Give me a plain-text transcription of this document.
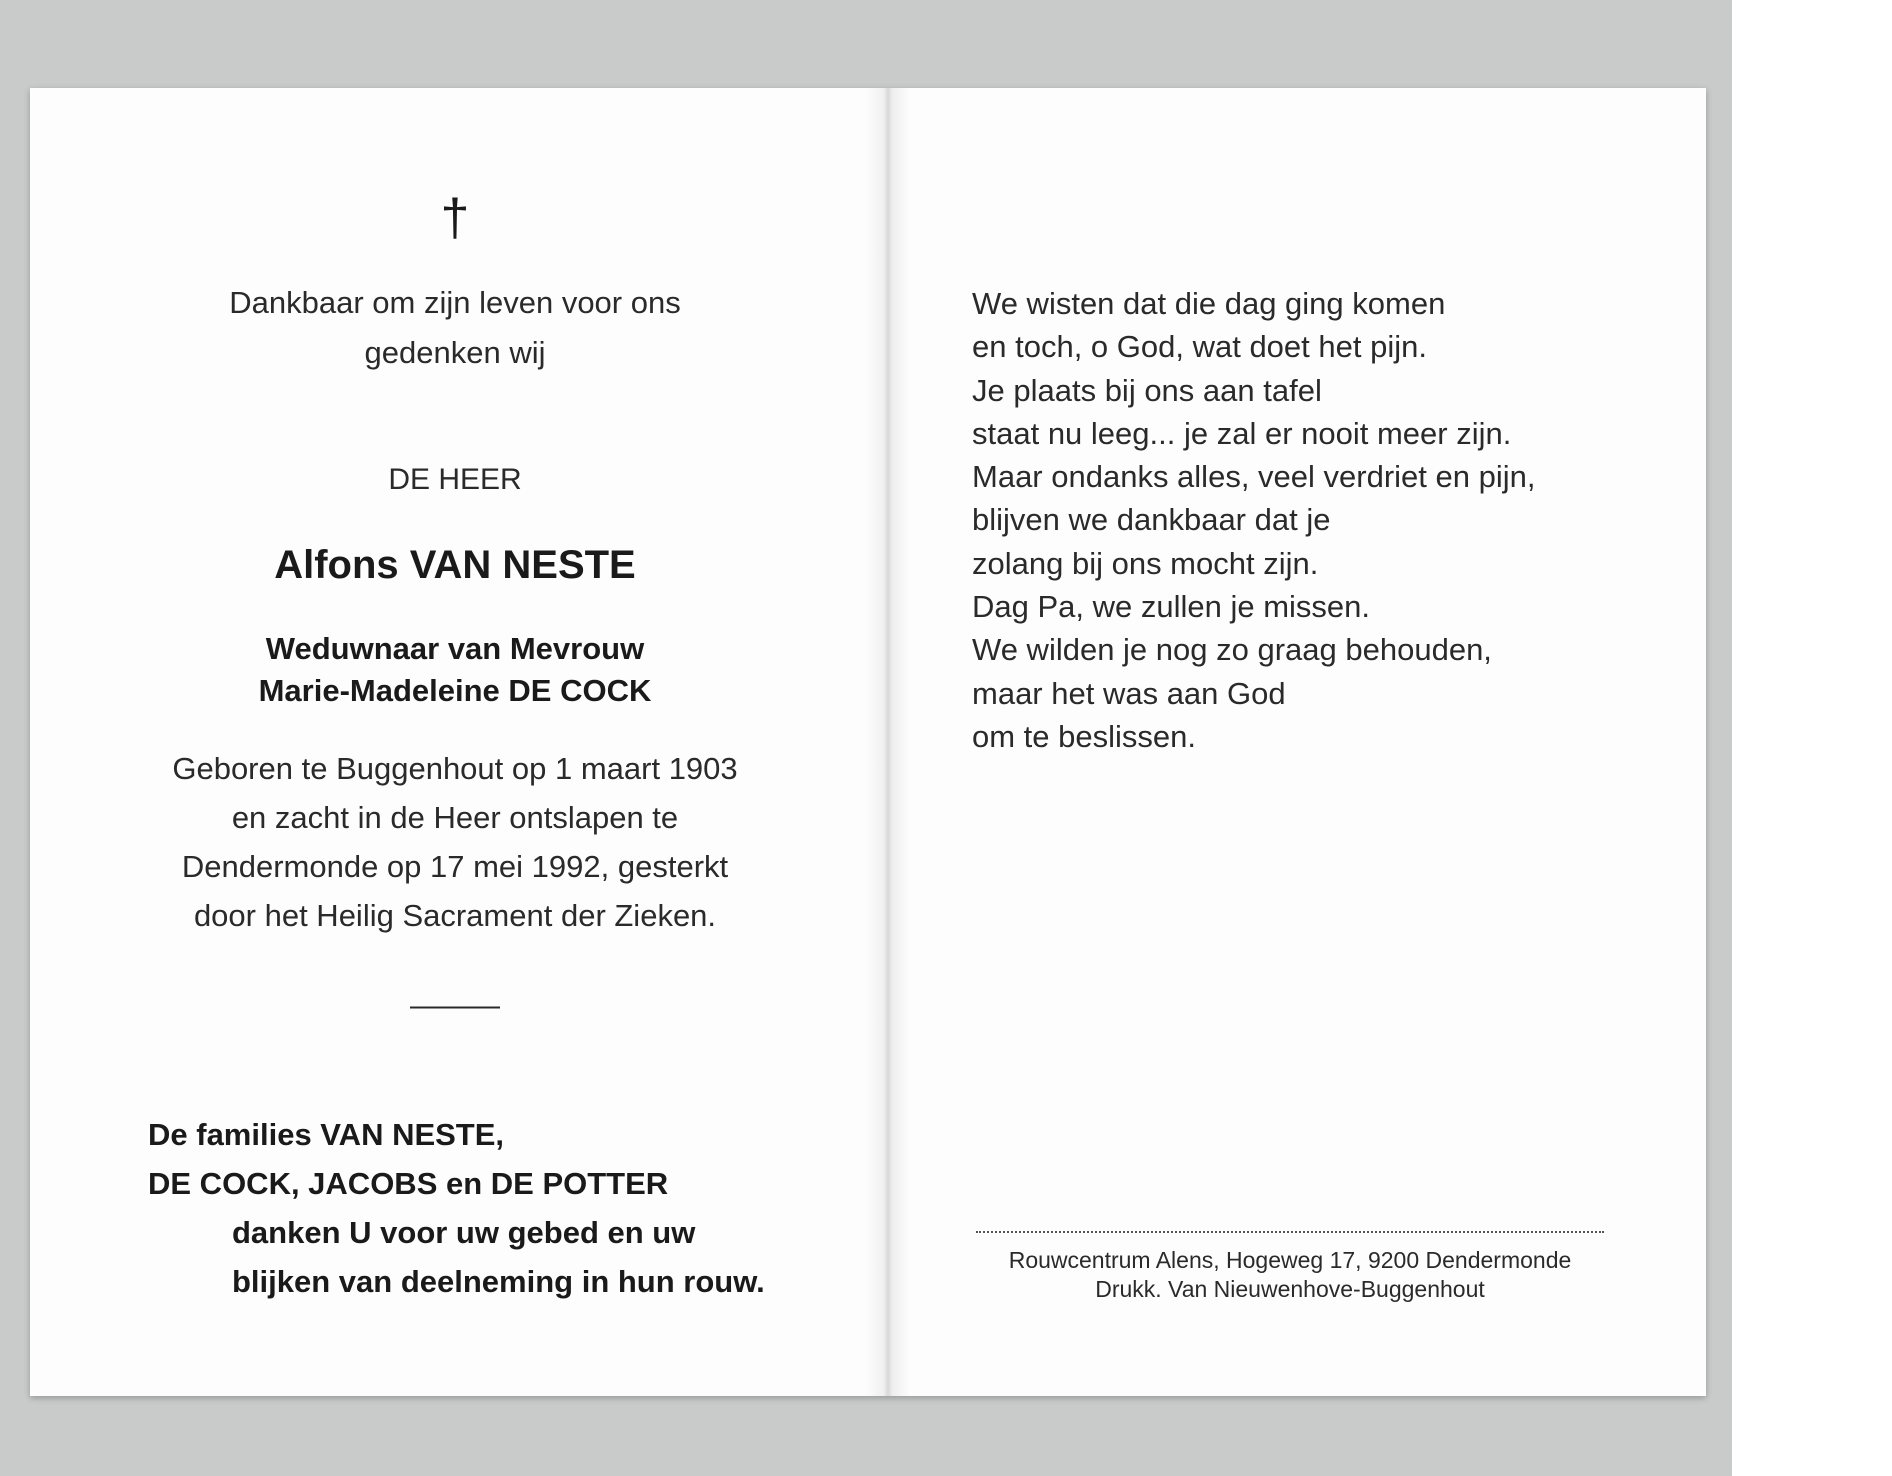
†
Dankbaar om zijn leven voor ons
gedenken wij
DE HEER
Alfons VAN NESTE
Weduwnaar van Mevrouw
Marie-Madeleine DE COCK
Geboren te Buggenhout op 1 maart 1903
en zacht in de Heer ontslapen te
Dendermonde op 17 mei 1992, gesterkt
door het Heilig Sacrament der Zieken.
———
De families VAN NESTE,
DE COCK, JACOBS en DE POTTER
danken U voor uw gebed en uw
blijken van deelneming in hun rouw.
We wisten dat die dag ging komen
en toch, o God, wat doet het pijn.
Je plaats bij ons aan tafel
staat nu leeg... je zal er nooit meer zijn.
Maar ondanks alles, veel verdriet en pijn,
blijven we dankbaar dat je
zolang bij ons mocht zijn.
Dag Pa, we zullen je missen.
We wilden je nog zo graag behouden,
maar het was aan God
om te beslissen.
Rouwcentrum Alens, Hogeweg 17, 9200 Dendermonde
Drukk. Van Nieuwenhove-Buggenhout
